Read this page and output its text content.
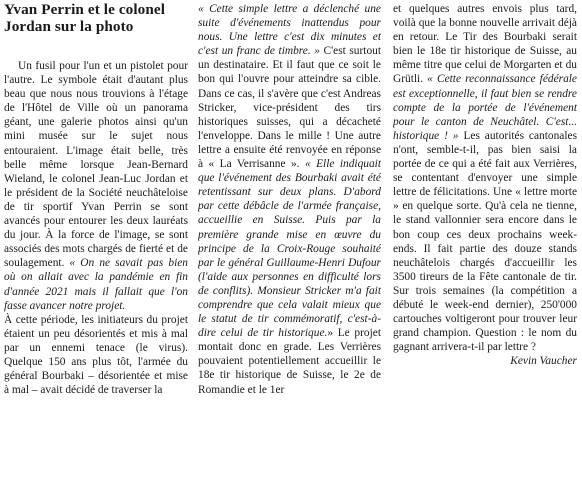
Yvan Perrin et le colonel Jordan sur la photo

Un fusil pour l'un et un pistolet pour l'autre. Le symbole était d'autant plus beau que nous nous trouvions à l'étage de l'Hôtel de Ville où un panorama géant, une galerie photos ainsi qu'un mini musée sur le sujet nous entouraient. L'image était belle, très belle même lorsque Jean-Bernard Wieland, le colonel Jean-Luc Jordan et le président de la Société neuchâteloise de tir sportif Yvan Perrin se sont avancés pour entourer les deux lauréats du jour. À la force de l'image, se sont associés des mots chargés de fierté et de soulagement. « On ne savait pas bien où on allait avec la pandémie en fin d'année 2021 mais il fallait que l'on fasse avancer notre projet.

À cette période, les initiateurs du projet étaient un peu désorientés et mis à mal par un ennemi tenace (le virus). Quelque 150 ans plus tôt, l'armée du général Bourbaki – désorientée et mise à mal – avait décidé de traverser la

« Cette simple lettre a déclenché une suite d'événements inattendus pour nous. Une lettre c'est dix minutes et c'est un franc de timbre. » C'est surtout un destinataire. Et il faut que ce soit le bon qui l'ouvre pour atteindre sa cible. Dans ce cas, il s'avère que c'est Andreas Stricker, vice-président des tirs historiques suisses, qui a décacheté l'enveloppe. Dans le mille ! Une autre lettre a ensuite été renvoyée en réponse à « La Verrisanne ». « Elle indiquait que l'événement des Bourbaki avait été retentissant sur deux plans. D'abord par cette débâcle de l'armée française, accueillie en Suisse. Puis par la première grande mise en œuvre du principe de la Croix-Rouge souhaité par le général Guillaume-Henri Dufour (l'aide aux personnes en difficulté lors de conflits). Monsieur Stricker m'a fait comprendre que cela valait mieux que le statut de tir commémoratif, c'est-à-dire celui de tir historique.» Le projet montait donc en grade. Les Verrières pouvaient potentiellement accueillir le 18e tir historique de Suisse, le 2e de Romandie et le 1er

et quelques autres envois plus tard, voilà que la bonne nouvelle arrivait déjà en retour. Le Tir des Bourbaki serait bien le 18e tir historique de Suisse, au même titre que celui de Morgarten et du Grütli. « Cette reconnaissance fédérale est exceptionnelle, il faut bien se rendre compte de la portée de l'événement pour le canton de Neuchâtel. C'est... historique ! » Les autorités cantonales n'ont, semble-t-il, pas bien saisi la portée de ce qui a été fait aux Verrières, se contentant d'envoyer une simple lettre de félicitations. Une « lettre morte » en quelque sorte. Qu'à cela ne tienne, le stand vallonnier sera encore dans le bon coup ces deux prochains week-ends. Il fait partie des douze stands neuchâtelois chargés d'accueillir les 3500 tireurs de la Fête cantonale de tir. Sur trois semaines (la compétition a débuté le week-end dernier), 250'000 cartouches voltigeront pour trouver leur grand champion. Question : le nom du gagnant arrivera-t-il par lettre ?
Kevin Vaucher
